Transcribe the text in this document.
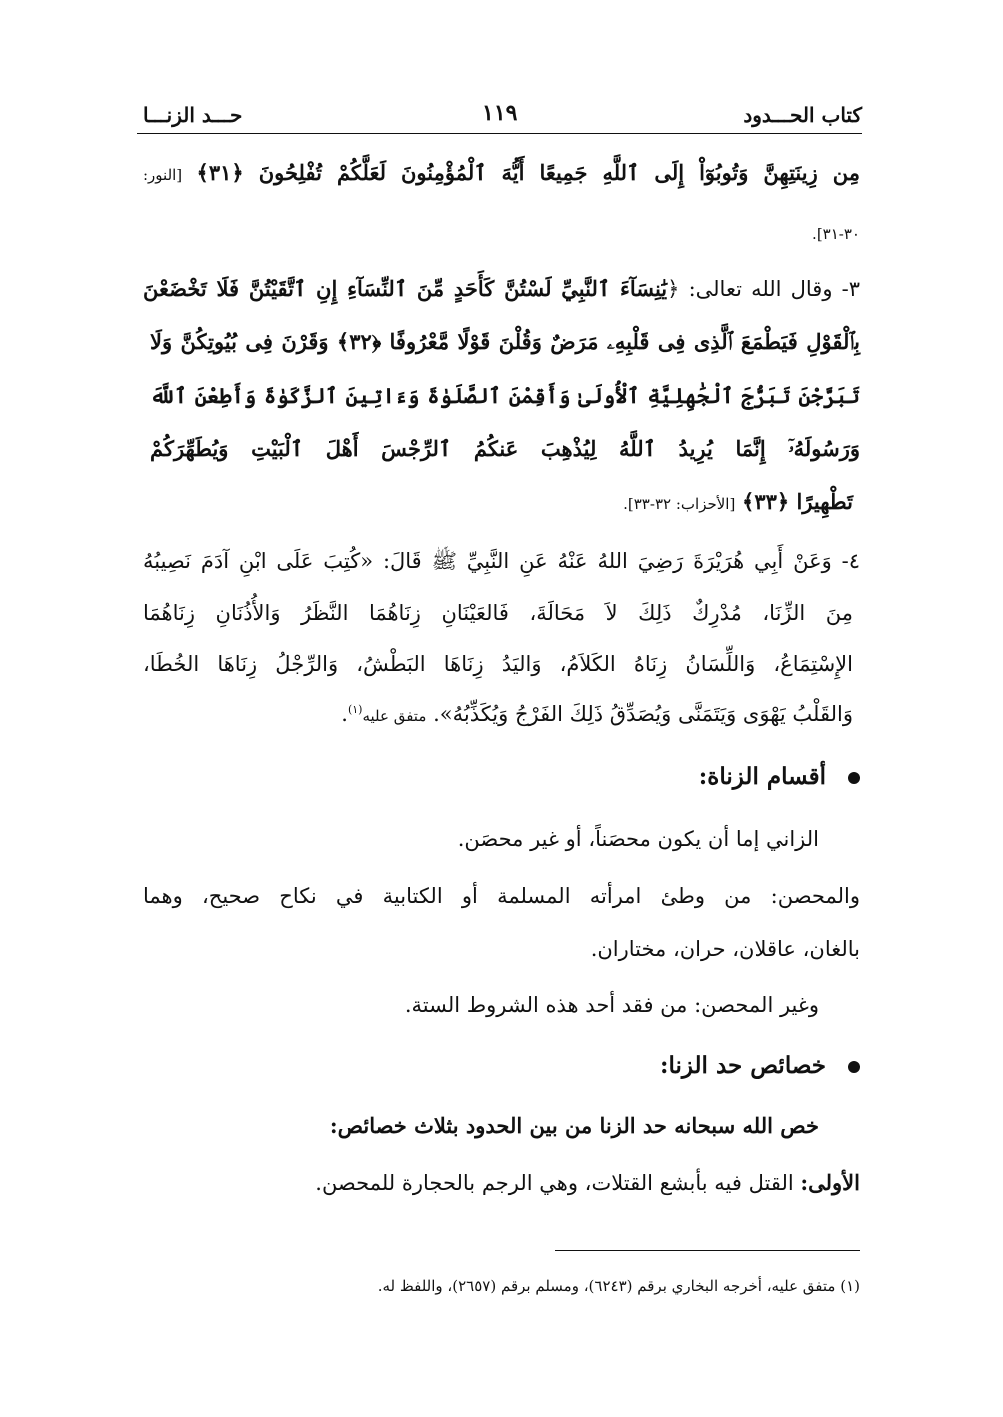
كتاب الحـــدود
١١٩
حـــد الزنـــا
مِن زِينَتِهِنَّ وَتُوبُوٓاْ إِلَى ٱللَّهِ جَمِيعًا أَيُّهَ ٱلْمُؤْمِنُونَ لَعَلَّكُمْ تُفْلِحُونَ ﴿٣١﴾ [النور:
٣٠-٣١].
٣- وقال الله تعالى: ﴿يَٰنِسَآءَ ٱلنَّبِيِّ لَسْتُنَّ كَأَحَدٍ مِّنَ ٱلنِّسَآءِ إِنِ ٱتَّقَيْتُنَّ فَلَا تَخْضَعْنَ
بِٱلْقَوْلِ فَيَطْمَعَ ٱلَّذِى فِى قَلْبِهِۦ مَرَضٌ وَقُلْنَ قَوْلًا مَّعْرُوفًا ﴿٣٢﴾ وَقَرْنَ فِى بُيُوتِكُنَّ وَلَا
تَبَرَّجْنَ تَبَرُّجَ ٱلْجَٰهِلِيَّةِ ٱلْأُولَىٰ وَأَقِمْنَ ٱلصَّلَوٰةَ وَءَاتِينَ ٱلزَّكَوٰةَ وَأَطِعْنَ ٱللَّهَ
وَرَسُولَهُۥٓ إِنَّمَا يُرِيدُ ٱللَّهُ لِيُذْهِبَ عَنكُمُ ٱلرِّجْسَ أَهْلَ ٱلْبَيْتِ وَيُطَهِّرَكُمْ
تَطْهِيرًا ﴿٣٣﴾ [الأحزاب: ٣٢-٣٣].
٤- وَعَنْ أَبِي هُرَيْرَةَ رَضِيَ اللهُ عَنْهُ عَنِ النَّبِيِّ ﷺ قَالَ: «كُتِبَ عَلَى ابْنِ آدَمَ نَصِيبُهُ
مِنَ الزِّنَا، مُدْرِكٌ ذَلِكَ لاَ مَحَالَةَ، فَالعَيْنَانِ زِنَاهُمَا النَّظَرُ وَالأُذُنَانِ زِنَاهُمَا
الإِسْتِمَاعُ، وَاللِّسَانُ زِنَاهُ الكَلاَمُ، وَاليَدُ زِنَاهَا البَطْشُ، وَالرِّجْلُ زِنَاهَا الخُطَا،
وَالقَلْبُ يَهْوَى وَيَتَمَنَّى وَيُصَدِّقُ ذَلِكَ الفَرْجُ وَيُكَذِّبُهُ». متفق عليه$^{(١)}$.
أقسام الزناة:
الزاني إما أن يكون محصَناً، أو غير محصَن.
والمحصن: من وطئ امرأته المسلمة أو الكتابية في نكاح صحيح، وهما
بالغان، عاقلان، حران، مختاران.
وغير المحصن: من فقد أحد هذه الشروط الستة.
خصائص حد الزنا:
خص الله سبحانه حد الزنا من بين الحدود بثلاث خصائص:
الأولى: القتل فيه بأبشع القتلات، وهي الرجم بالحجارة للمحصن.
(١) متفق عليه، أخرجه البخاري برقم (٦٢٤٣)، ومسلم برقم (٢٦٥٧)، واللفظ له.
